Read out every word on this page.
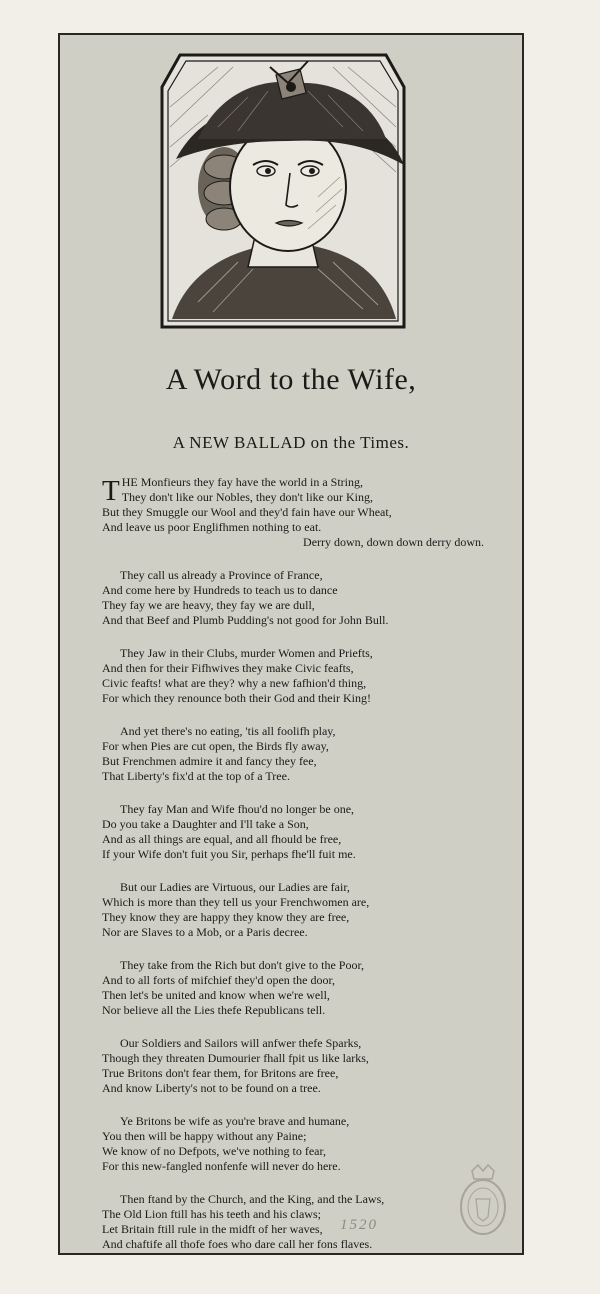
A Word to the Wife,
A NEW BALLAD on the Times.
T HE Monfieurs they fay have the world in a String,
They don't like our Nobles, they don't like our King,
But they Smuggle our Wool and they'd fain have our Wheat,
And leave us poor Englifhmen nothing to eat.
Derry down, down down derry down.
They call us already a Province of France,
And come here by Hundreds to teach us to dance
They fay we are heavy, they fay we are dull,
And that Beef and Plumb Pudding's not good for John Bull.
They Jaw in their Clubs, murder Women and Priefts,
And then for their Fifhwives they make Civic feafts,
Civic feafts! what are they? why a new fafhion'd thing,
For which they renounce both their God and their King!
And yet there's no eating, 'tis all foolifh play,
For when Pies are cut open, the Birds fly away,
But Frenchmen admire it and fancy they fee,
That Liberty's fix'd at the top of a Tree.
They fay Man and Wife fhou'd no longer be one,
Do you take a Daughter and I'll take a Son,
And as all things are equal, and all fhould be free,
If your Wife don't fuit you Sir, perhaps fhe'll fuit me.
But our Ladies are Virtuous, our Ladies are fair,
Which is more than they tell us your Frenchwomen are,
They know they are happy they know they are free,
Nor are Slaves to a Mob, or a Paris decree.
They take from the Rich but don't give to the Poor,
And to all forts of mifchief they'd open the door,
Then let's be united and know when we're well,
Nor believe all the Lies thefe Republicans tell.
Our Soldiers and Sailors will anfwer thefe Sparks,
Though they threaten Dumourier fhall fpit us like larks,
True Britons don't fear them, for Britons are free,
And know Liberty's not to be found on a tree.
Ye Britons be wife as you're brave and humane,
You then will be happy without any Paine;
We know of no Defpots, we've nothing to fear,
For this new-fangled nonfenfe will never do here.
Then ftand by the Church, and the King, and the Laws,
The Old Lion ftill has his teeth and his claws;
Let Britain ftill rule in the midft of her waves,
And chaftife all thofe foes who dare call her fons flaves.
1520
